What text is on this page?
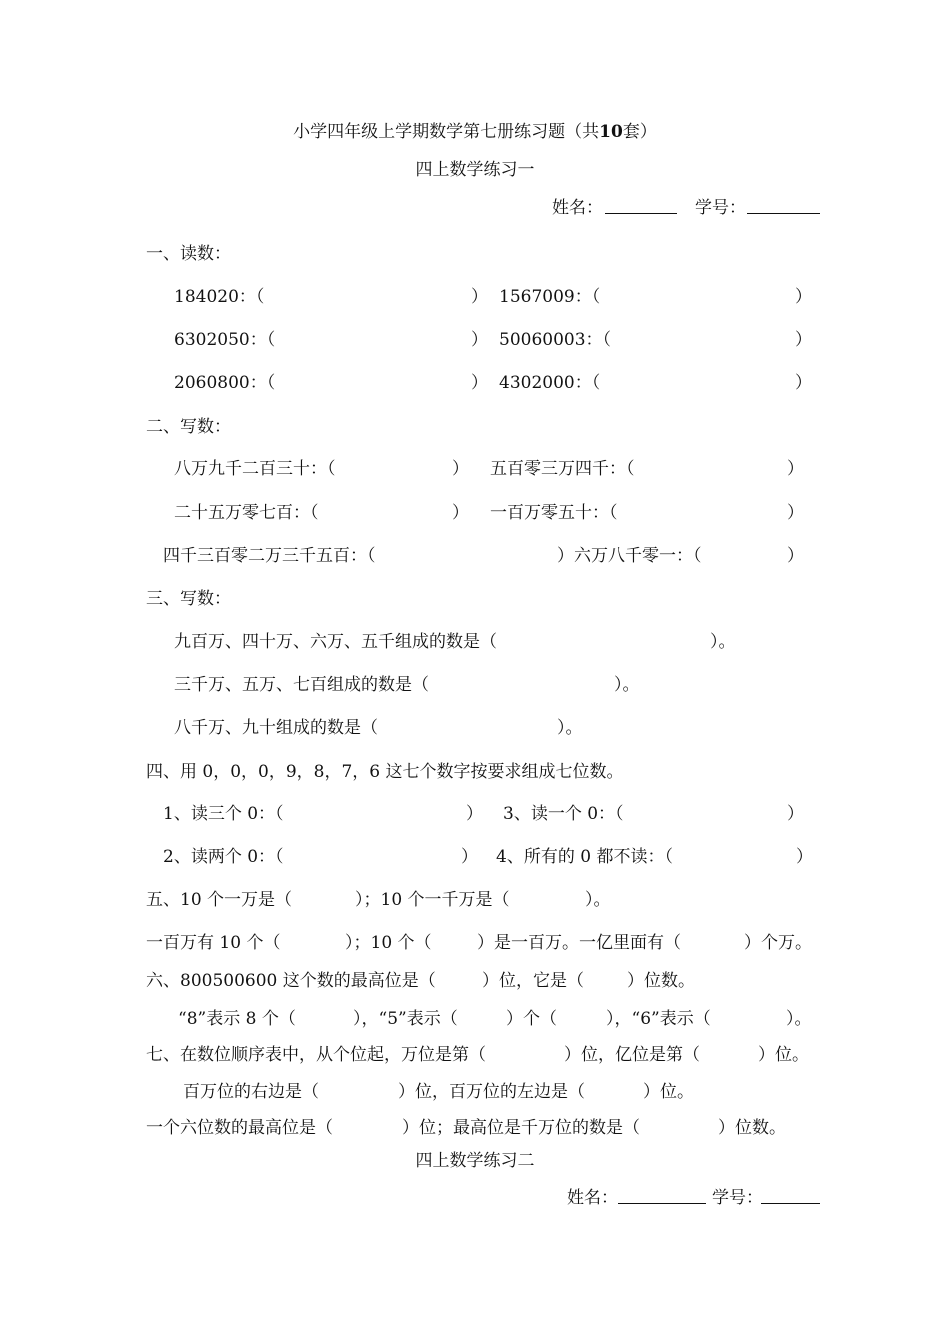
小学四年级上学期数学第七册练习题（共10套）
四上数学练习一
姓名：	学号：
一、读数：
184020：（	） 1567009：（	）
6302050：（	） 50060003：（	）
2060800：（	） 4302000：（	）
二、写数：
八万九千二百三十：（	） 五百零三万四千：（	）
二十五万零七百：（	） 一百万零五十：（	）
四千三百零二万三千五百：（	）六万八千零一：（	）
三、写数：
九百万、四十万、六万、五千组成的数是（	）。
三千万、五万、七百组成的数是（	）。
八千万、九十组成的数是（	）。
四、用 0，0，0，9，8，7，6 这七个数字按要求组成七位数。
1、读三个 0：（	） 3、读一个 0：（	）
2、读两个 0：（	） 4、所有的 0 都不读：（	）
五、10 个一万是（	）；10 个一千万是（	）。
一百万有 10 个（	）；10 个（	）是一百万。一亿里面有（	）个万。
六、800500600 这个数的最高位是（	）位，它是（	）位数。
“8”表示 8 个（	），“5”表示（	）个（	），“6”表示（	）。
七、在数位顺序表中，从个位起，万位是第（	）位，亿位是第（	）位。
百万位的右边是（	）位，百万位的左边是（	）位。
一个六位数的最高位是（	）位；最高位是千万位的数是（	）位数。
四上数学练习二
姓名：	学号：
